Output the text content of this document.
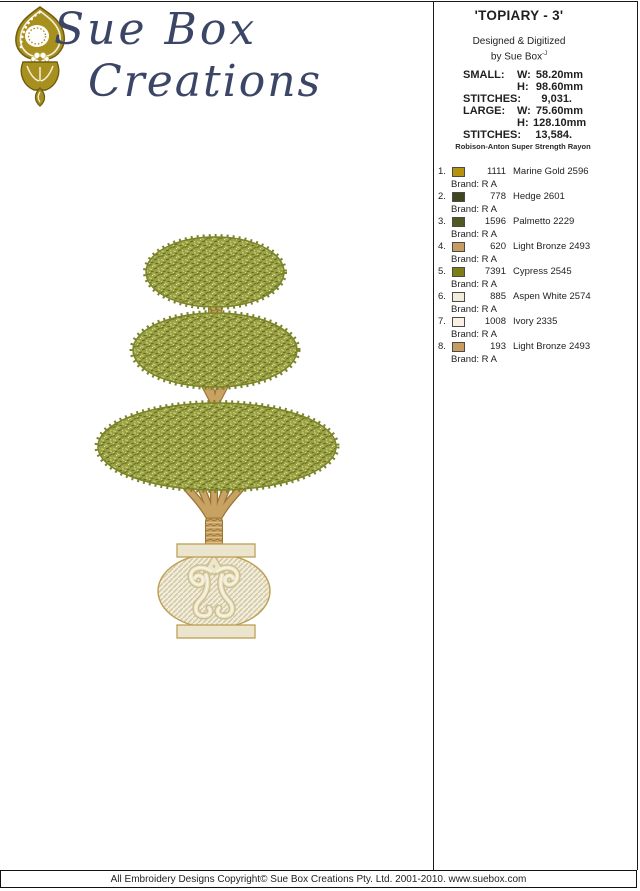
Sue Box
Creations
'TOPIARY - 3'
Designed & Digitized
by Sue Box$^{-J}$
SMALL:	W: 58.20mm
H: 98.60mm
STITCHES:	9,031.
LARGE:	W: 75.60mm
H: 128.10mm
STITCHES: 13,584.
Robison-Anton Super Strength Rayon
1.	1111 Marine Gold 2596
Brand: R A
2.	778 Hedge 2601
Brand: R A
3.	1596 Palmetto 2229
Brand: R A
4.	620 Light Bronze 2493
Brand: R A
5.	7391 Cypress 2545
Brand: R A
6.	885 Aspen White 2574
Brand: R A
7.	1008 Ivory 2335
Brand: R A
8.	193 Light Bronze 2493
Brand: R A
All Embroidery Designs Copyright© Sue Box Creations Pty. Ltd. 2001-2010. www.suebox.com
